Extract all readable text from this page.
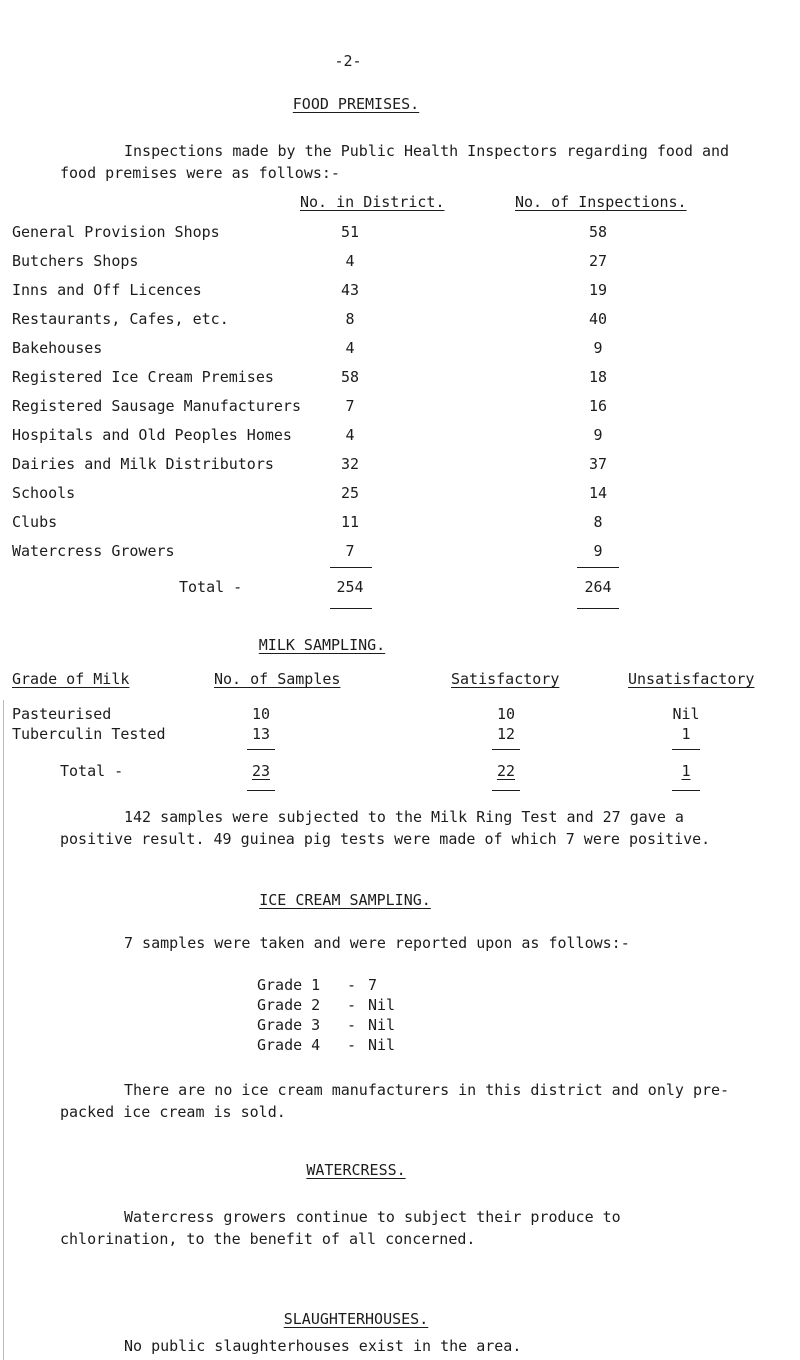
-2-
FOOD PREMISES.
Inspections made by the Public Health Inspectors regarding food and food premises were as follows:-
No. in District.	No. of Inspections.
General Provision Shops	51	58
Butchers Shops	4	27
Inns and Off Licences	43	19
Restaurants, Cafes, etc.	8	40
Bakehouses	4	9
Registered Ice Cream Premises	58	18
Registered Sausage Manufacturers	7	16
Hospitals and Old Peoples Homes	4	9
Dairies and Milk Distributors	32	37
Schools	25	14
Clubs	11	8
Watercress Growers	7	9
Total -	254	264
MILK SAMPLING.
Grade of Milk	No. of Samples	Satisfactory	Unsatisfactory
Pasteurised	10	10	Nil
Tuberculin Tested	13	12	1
Total -	23	22	1
142 samples were subjected to the Milk Ring Test and 27 gave a positive result. 49 guinea pig tests were made of which 7 were positive.
ICE CREAM SAMPLING.
7 samples were taken and were reported upon as follows:-
Grade 1 - 7
Grade 2 - Nil
Grade 3 - Nil
Grade 4 - Nil
There are no ice cream manufacturers in this district and only pre-packed ice cream is sold.
WATERCRESS.
Watercress growers continue to subject their produce to chlorination, to the benefit of all concerned.
SLAUGHTERHOUSES.
No public slaughterhouses exist in the area.
